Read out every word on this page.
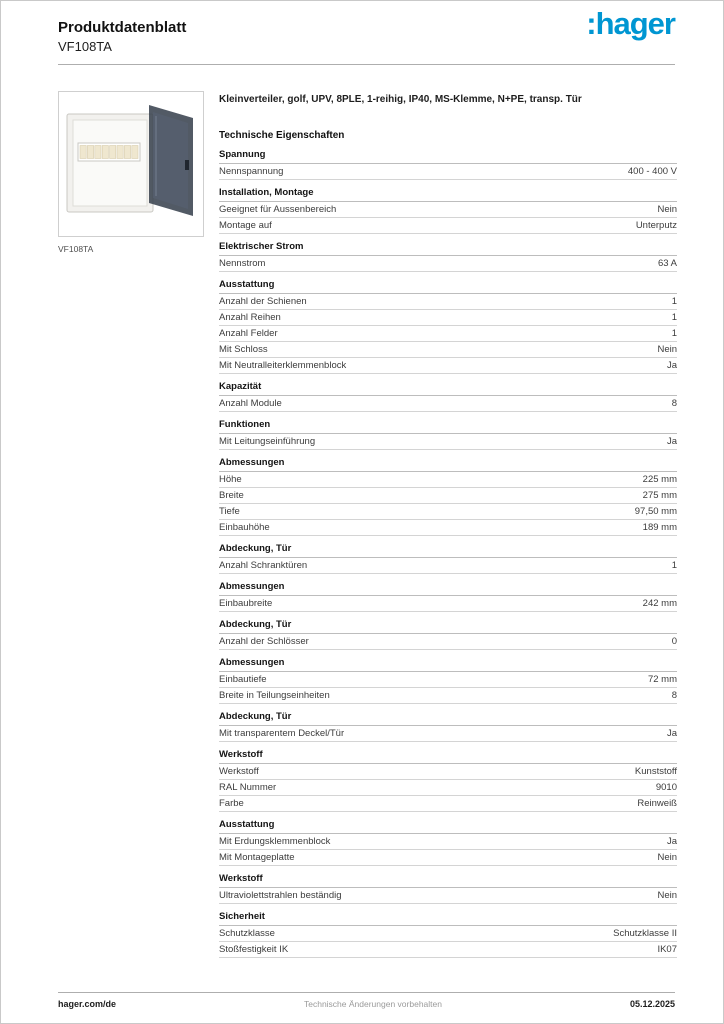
Produktdatenblatt
VF108TA
:hager
VF108TA
Kleinverteiler, golf, UPV, 8PLE, 1-reihig, IP40, MS-Klemme, N+PE, transp. Tür
Technische Eigenschaften
Spannung
Nennspannung	400 - 400 V
Installation, Montage
Geeignet für Aussenbereich	Nein
Montage auf	Unterputz
Elektrischer Strom
Nennstrom	63 A
Ausstattung
Anzahl der Schienen	1
Anzahl Reihen	1
Anzahl Felder	1
Mit Schloss	Nein
Mit Neutralleiterklemmenblock	Ja
Kapazität
Anzahl Module	8
Funktionen
Mit Leitungseinführung	Ja
Abmessungen
Höhe	225 mm
Breite	275 mm
Tiefe	97,50 mm
Einbauhöhe	189 mm
Abdeckung, Tür
Anzahl Schranktüren	1
Abmessungen
Einbaubreite	242 mm
Abdeckung, Tür
Anzahl der Schlösser	0
Abmessungen
Einbautiefe	72 mm
Breite in Teilungseinheiten	8
Abdeckung, Tür
Mit transparentem Deckel/Tür	Ja
Werkstoff
Werkstoff	Kunststoff
RAL Nummer	9010
Farbe	Reinweiß
Ausstattung
Mit Erdungsklemmenblock	Ja
Mit Montageplatte	Nein
Werkstoff
Ultraviolettstrahlen beständig	Nein
Sicherheit
Schutzklasse	Schutzklasse II
Stoßfestigkeit IK	IK07
hager.com/de	Technische Änderungen vorbehalten	05.12.2025
